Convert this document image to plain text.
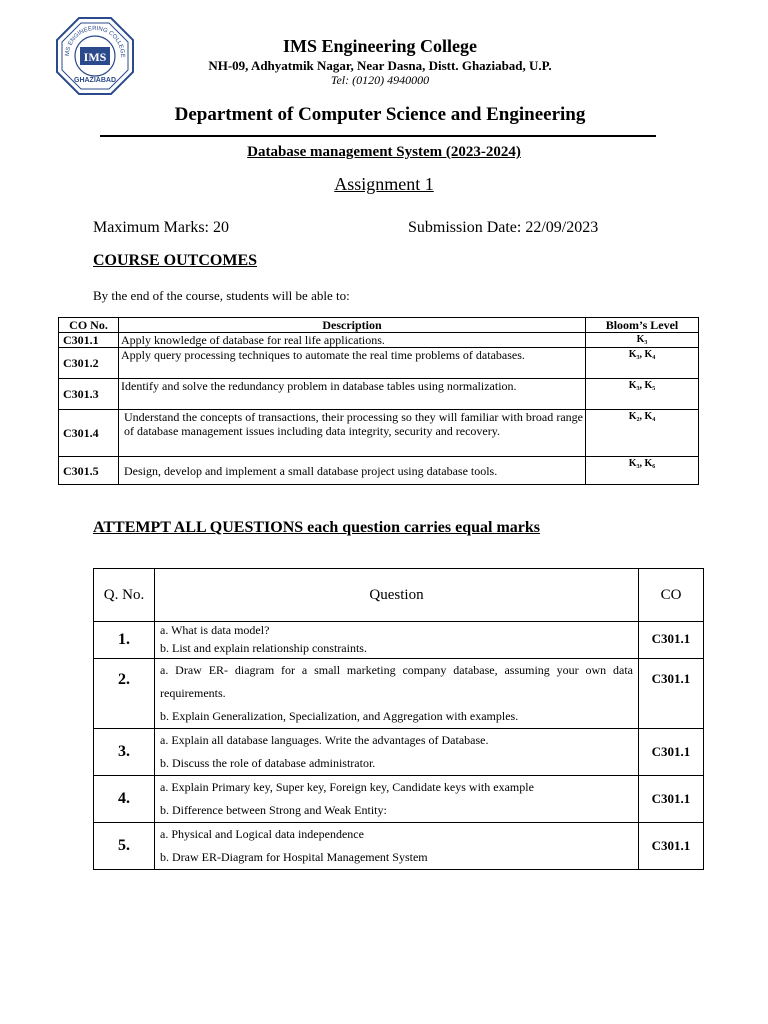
IMS
MS ENGINEERING COLLEGE
GHAZIABAD
IMS Engineering College
NH-09, Adhyatmik Nagar, Near Dasna, Distt. Ghaziabad, U.P.
Tel: (0120) 4940000
Department of Computer Science and Engineering
Database management System (2023-2024)
Assignment 1
Maximum Marks: 20	Submission Date: 22/09/2023
COURSE OUTCOMES
By the end of the course, students will be able to:
CO No.	Description	Bloom’s Level
C301.1	Apply knowledge of database for real life applications.	K₃
C301.2	Apply query processing techniques to automate the real time problems of databases.	K₃, K₄
C301.3	Identify and solve the redundancy problem in database tables using normalization.	K₃, K₅
C301.4	Understand the concepts of transactions, their processing so they will familiar with broad range of database management issues including data integrity, security and recovery.	K₂, K₄
C301.5	Design, develop and implement a small database project using database tools.	K₃, K₆
ATTEMPT ALL QUESTIONS each question carries equal marks
Q. No.	Question	CO
1.	a. What is data model?
b. List and explain relationship constraints.	C301.1
2.	a. Draw ER- diagram for a small marketing company database, assuming your own data requirements.
b. Explain Generalization, Specialization, and Aggregation with examples.	C301.1
3.	a. Explain all database languages. Write the advantages of Database.
b. Discuss the role of database administrator.	C301.1
4.	a. Explain Primary key, Super key, Foreign key, Candidate keys with example
b. Difference between Strong and Weak Entity:	C301.1
5.	a. Physical and Logical data independence
b. Draw ER-Diagram for Hospital Management System	C301.1
